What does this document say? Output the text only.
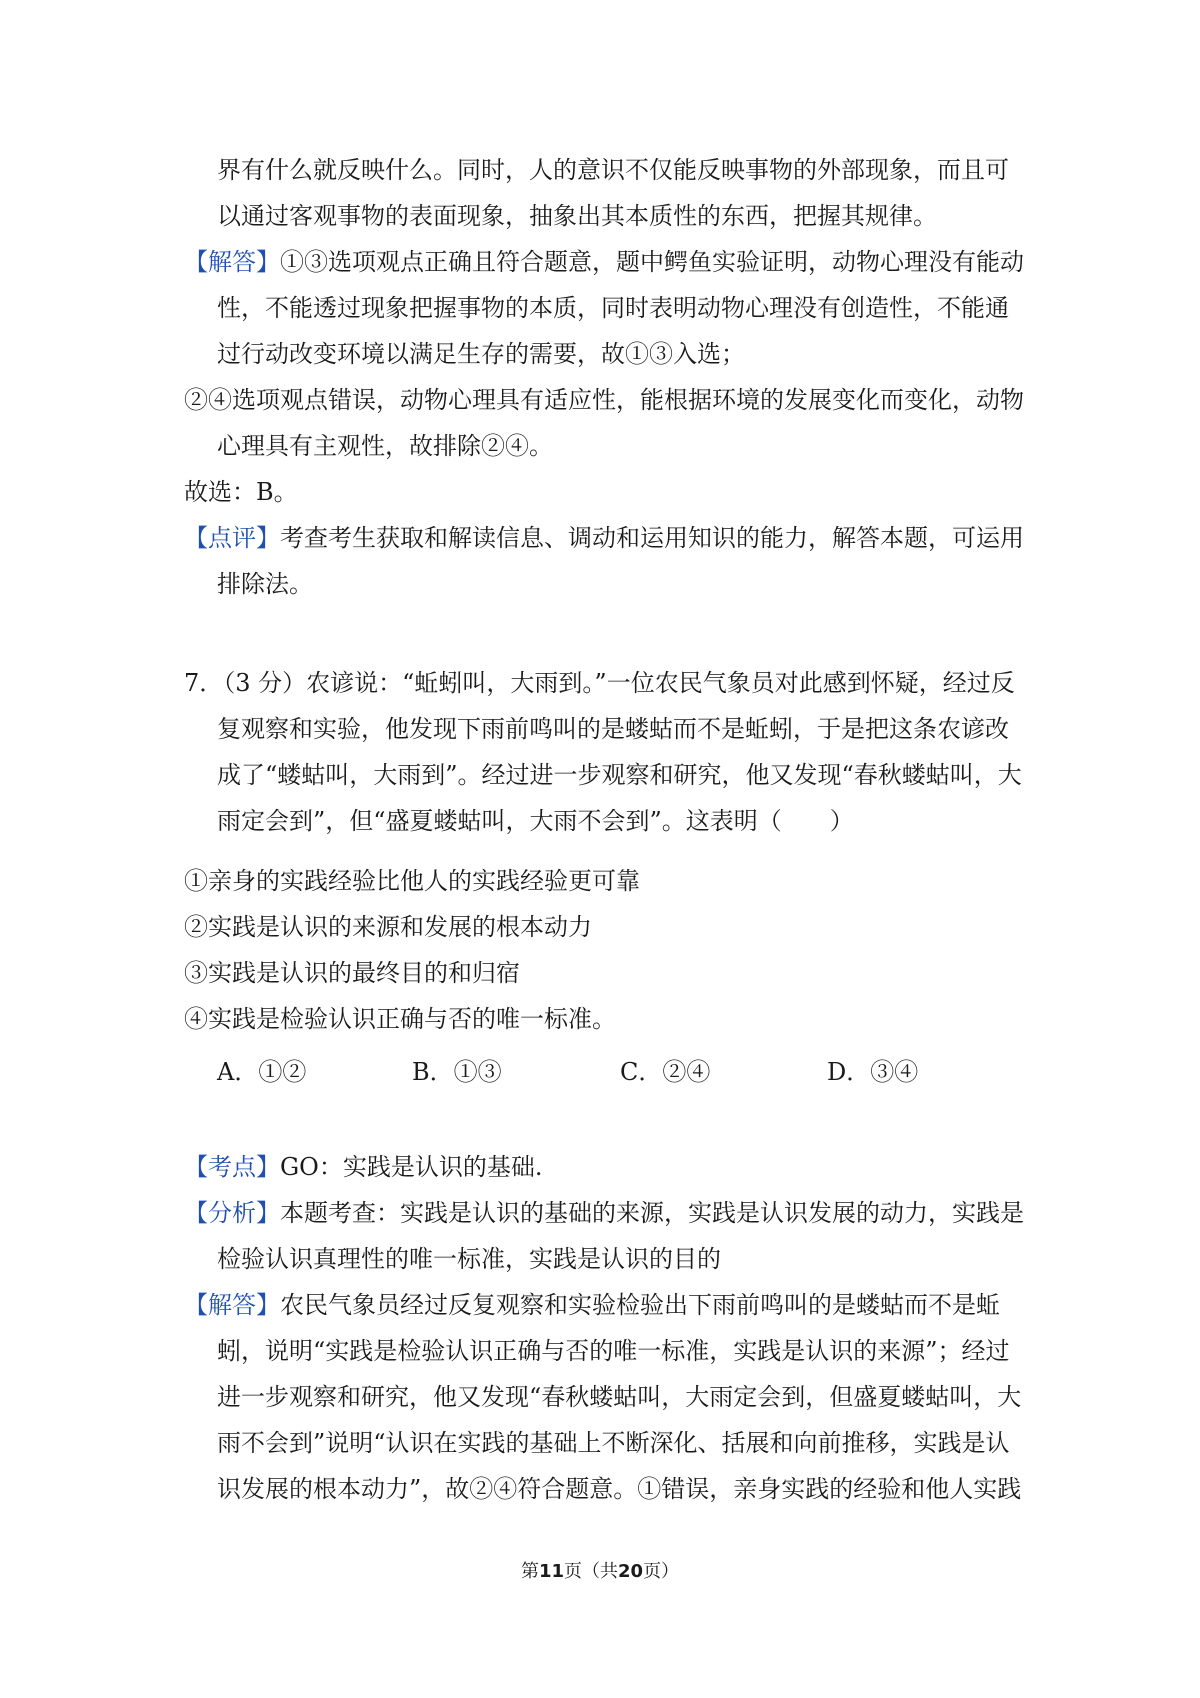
界有什么就反映什么。同时，人的意识不仅能反映事物的外部现象，而且可
以通过客观事物的表面现象，抽象出其本质性的东西，把握其规律。
【解答】①③选项观点正确且符合题意，题中鳄鱼实验证明，动物心理没有能动
性，不能透过现象把握事物的本质，同时表明动物心理没有创造性，不能通
过行动改变环境以满足生存的需要，故①③入选；
②④选项观点错误，动物心理具有适应性，能根据环境的发展变化而变化，动物
心理具有主观性，故排除②④。
故选：B。
【点评】考查考生获取和解读信息、调动和运用知识的能力，解答本题，可运用
排除法。
7．（3 分）农谚说：“蚯蚓叫，大雨到。”一位农民气象员对此感到怀疑，经过反
复观察和实验，他发现下雨前鸣叫的是蝼蛄而不是蚯蚓，于是把这条农谚改
成了“蝼蛄叫，大雨到”。经过进一步观察和研究，他又发现“春秋蝼蛄叫，大
雨定会到”，但“盛夏蝼蛄叫，大雨不会到”。这表明（　　）
①亲身的实践经验比他人的实践经验更可靠
②实践是认识的来源和发展的根本动力
③实践是认识的最终目的和归宿
④实践是检验认识正确与否的唯一标准。
A．①②	B．①③	C．②④	D．③④
【考点】GO：实践是认识的基础.
【分析】本题考查：实践是认识的基础的来源，实践是认识发展的动力，实践是
检验认识真理性的唯一标准，实践是认识的目的
【解答】农民气象员经过反复观察和实验检验出下雨前鸣叫的是蝼蛄而不是蚯
蚓，说明“实践是检验认识正确与否的唯一标准，实践是认识的来源”；经过
进一步观察和研究，他又发现“春秋蝼蛄叫，大雨定会到，但盛夏蝼蛄叫，大
雨不会到”说明“认识在实践的基础上不断深化、括展和向前推移，实践是认
识发展的根本动力”，故②④符合题意。①错误，亲身实践的经验和他人实践
第11页（共20页）
